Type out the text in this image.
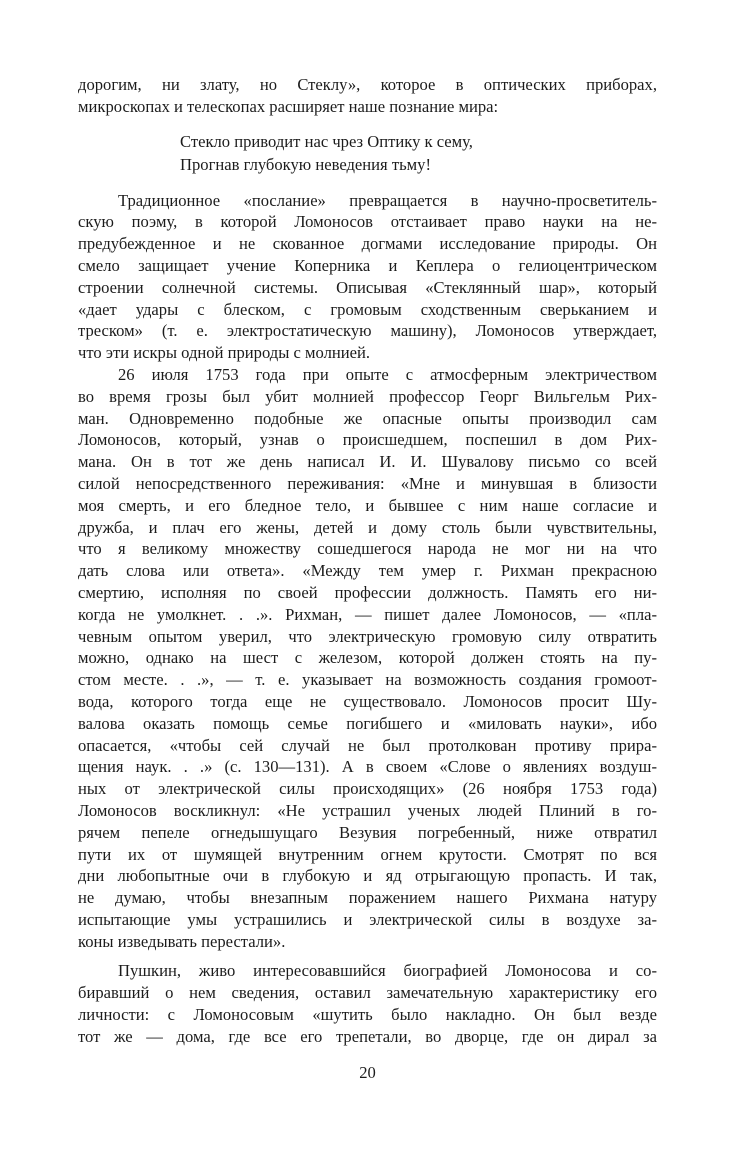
дорогим, ни злату, но Стеклу», которое в оптических приборах,
микроскопах и телескопах расширяет наше познание мира:
Стекло приводит нас чрез Оптику к сему,
Прогнав глубокую неведения тьму!
Традиционное «послание» превращается в научно-просветитель-
скую поэму, в которой Ломоносов отстаивает право науки на не-
предубежденное и не скованное догмами исследование природы. Он
смело защищает учение Коперника и Кеплера о гелиоцентрическом
строении солнечной системы. Описывая «Стеклянный шар», который
«дает удары с блеском, с громовым сходственным сверьканием и
треском» (т. е. электростатическую машину), Ломоносов утверждает,
что эти искры одной природы с молнией.
26 июля 1753 года при опыте с атмосферным электричеством
во время грозы был убит молнией профессор Георг Вильгельм Рих-
ман. Одновременно подобные же опасные опыты производил сам
Ломоносов, который, узнав о происшедшем, поспешил в дом Рих-
мана. Он в тот же день написал И. И. Шувалову письмо со всей
силой непосредственного переживания: «Мне и минувшая в близости
моя смерть, и его бледное тело, и бывшее с ним наше согласие и
дружба, и плач его жены, детей и дому столь были чувствительны,
что я великому множеству сошедшегося народа не мог ни на что
дать слова или ответа». «Между тем умер г. Рихман прекрасною
смертию, исполняя по своей профессии должность. Память его ни-
когда не умолкнет. . .». Рихман, — пишет далее Ломоносов, — «пла-
чевным опытом уверил, что электрическую громовую силу отвратить
можно, однако на шест с железом, которой должен стоять на пу-
стом месте. . .», — т. е. указывает на возможность создания громоот-
вода, которого тогда еще не существовало. Ломоносов просит Шу-
валова оказать помощь семье погибшего и «миловать науки», ибо
опасается, «чтобы сей случай не был протолкован противу прира-
щения наук. . .» (с. 130—131). А в своем «Слове о явлениях воздуш-
ных от электрической силы происходящих» (26 ноября 1753 года)
Ломоносов воскликнул: «Не устрашил ученых людей Плиний в го-
рячем пепеле огнедышущаго Везувия погребенный, ниже отвратил
пути их от шумящей внутренним огнем крутости. Смотрят по вся
дни любопытные очи в глубокую и яд отрыгающую пропасть. И так,
не думаю, чтобы внезапным поражением нашего Рихмана натуру
испытающие умы устрашились и электрической силы в воздухе за-
коны изведывать перестали».
Пушкин, живо интересовавшийся биографией Ломоносова и со-
биравший о нем сведения, оставил замечательную характеристику его
личности: с Ломоносовым «шутить было накладно. Он был везде
тот же — дома, где все его трепетали, во дворце, где он дирал за
20
